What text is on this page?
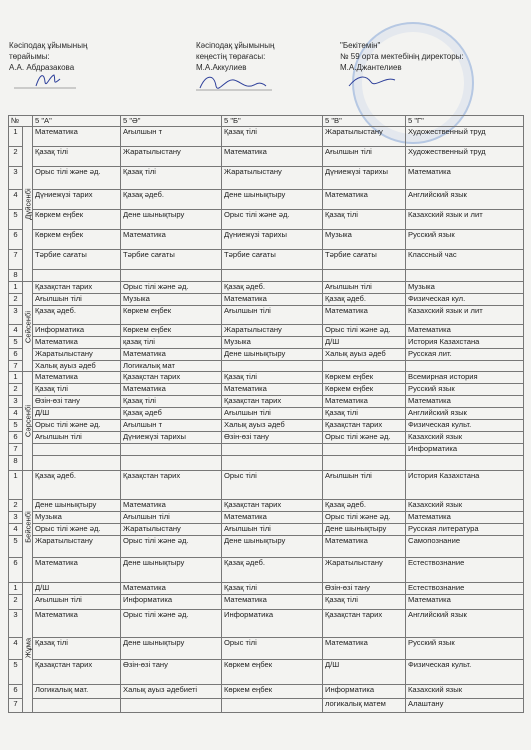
Кәсіподақ ұйымының
төрайымы:
А.А. Абдразакова
Кәсіподақ ұйымының
кеңестің төрағасы:
М.А.Аккулиев
"Бекітемін"
№ 59 орта мектебінің директоры:
М.А.Джантелиев
№		5 "А"	5 "Ә"	5 "Б"	5 "В"	5 "Г"
1	Дүйсенбі	Математика	Ағылшын т	Қазақ тілі	Жаратылыстану	Художественный труд
2		Қазақ тілі	Жаратылыстану	Математика	Ағылшын тілі	Художественный труд
3		Орыс тілі және әд.	Қазақ тілі	Жаратылыстану	Дүниежүзі тарихы	Математика
4		Дүниежүзі тарих	Қазақ әдеб.	Дене шынықтыру	Математика	Английский язык
5		Көркем еңбек	Дене шынықтыру	Орыс тілі және әд.	Қазақ тілі	Казахский язык и лит
6		Көркем еңбек	Математика	Дүниежүзі тарихы	Музыка	Русский язык
7		Тәрбие сағаты	Тәрбие сағаты	Тәрбие сағаты	Тәрбие сағаты	Классный час
8						
1	Сейсенбі	Қазақстан тарих	Орыс тілі және әд.	Қазақ әдеб.	Ағылшын тілі	Музыка
2		Ағылшын тілі	Музыка	Математика	Қазақ әдеб.	Физическая кул.
3		Қазақ әдеб.	Көркем еңбек	Ағылшын тілі	Математика	Казахский язык и лит
4		Информатика	Көркем еңбек	Жаратылыстану	Орыс тілі және әд.	Математика
5		Математика	қазақ тілі	Музыка	Д/Ш	История Казахстана
6		Жаратылыстану	Математика	Дене шынықтыру	Халық ауыз әдеб	Русская лит.
7		Халық ауыз әдеб	Логикалық мат			
1	Сәрсенбі	Математика	Қазақстан тарих	Қазақ тілі	Көркем еңбек	Всемирная история
2		Қазақ тілі	Математика	Математика	Көркем еңбек	Русский язык
3		Өзін-өзі тану	Қазақ тілі	Қазақстан тарих	Математика	Математика
4		Д/Ш	Қазақ әдеб	Ағылшын тілі	Қазақ тілі	Английский язык
5		Орыс тілі және әд.	Ағылшын т	Халық ауыз әдеб	Қазақстан тарих	Физическая культ.
6		Ағылшын тілі	Дүниежүзі тарихы	Өзін-өзі тану	Орыс тілі және әд.	Казахский язык
7						Информатика
8						
1	Бейсенбі	Қазақ әдеб.	Қазақстан тарих	Орыс тілі	Ағылшын тілі	История Казахстана
2		Дене шынықтыру	Математика	Қазақстан тарих	Қазақ әдеб.	Казахский язык
3		Музыка	Ағылшын тілі	Математика	Орыс тілі және әд.	Математика
4		Орыс тілі және әд.	Жаратылыстану	Ағылшын тілі	Дене шынықтыру	Русская литература
5		Жаратылыстану	Орыс тілі және әд.	Дене шынықтыру	Математика	Самопознание
6		Математика	Дене шынықтыру	Қазақ әдеб.	Жаратылыстану	Естествознание
1	Жұма	Д/Ш	Математика	Қазақ тілі	Өзін-өзі тану	Естествознание
2		Ағылшын тілі	Информатика	Математика	Қазақ тілі	Математика
3		Математика	Орыс тілі және әд.	Информатика	Қазақстан тарих	Английский язык
4		Қазақ тілі	Дене шынықтыру	Орыс тілі	Математика	Русский язык
5		Қазақстан тарих	Өзін-өзі тану	Көркем еңбек	Д/Ш	Физическая культ.
6		Логикалық мат.	Халық ауыз әдебиеті	Көркем еңбек	Информатика	Казахский язык
7					логикалық матем	Алаштану
